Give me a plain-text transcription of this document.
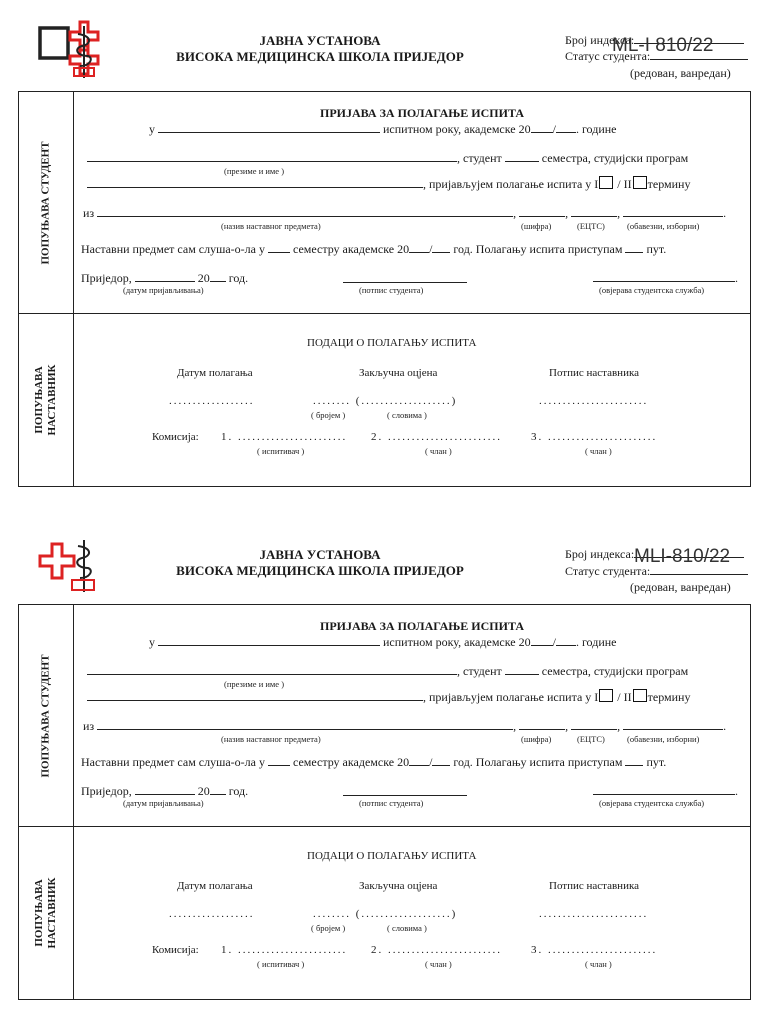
ЈАВНА УСТАНОВА
ВИСОКА МЕДИЦИНСКА ШКОЛА ПРИЈЕДОР
Број индекса:
ML-I 810/22
Статус студента:
(редован, ванредан)
ПОПУЊАВА СТУДЕНТ
ПРИЈАВА ЗА ПОЛАГАЊЕ ИСПИТА
у	испитном року, академске 20 / . године
, студент	семестра, студијски програм
(презиме и име )
, пријављујем полагање испита у I / II термину
из	,	,	,	.
(назив наставног предмета)	(шифра)	(ЕЦТС)	(обавезни, изборни)
Наставни предмет сам слуша-о-ла у семестру академске 20 / год. Полагању испита приступам пут.
Приједор,	20 год.	.
(датум пријављивања)	(потпис студента)	(овјерава студентска служба)
ПОПУЊАВА НАСТАВНИК
ПОДАЦИ О ПОЛАГАЊУ ИСПИТА
Датум полагања	Закључна оцјена	Потпис наставника
..................	........ (...................)	.......................
( бројем )	( словима )
Комисија: 1. ....................... 2. ........................	3. .......................
( испитивач )	( члан )	( члан )
ЈАВНА УСТАНОВА
ВИСОКА МЕДИЦИНСКА ШКОЛА ПРИЈЕДОР
Број индекса: MLI-810/22
Статус студента:
(редован, ванредан)
ПОПУЊАВА СТУДЕНТ
ПРИЈАВА ЗА ПОЛАГАЊЕ ИСПИТА
у	испитном року, академске 20 / . године
, студент	семестра, студијски програм
(презиме и име )
, пријављујем полагање испита у I / II термину
из	,	,	,	.
(назив наставног предмета)	(шифра)	(ЕЦТС)	(обавезни, изборни)
Наставни предмет сам слуша-о-ла у семестру академске 20 / год. Полагању испита приступам пут.
Приједор,	20 год.	.
(датум пријављивања)	(потпис студента)	(овјерава студентска служба)
ПОПУЊАВА НАСТАВНИК
ПОДАЦИ О ПОЛАГАЊУ ИСПИТА
Датум полагања	Закључна оцјена	Потпис наставника
..................	........ (...................)	.......................
( бројем )	( словима )
Комисија: 1. ....................... 2. ........................	3. .......................
( испитивач )	( члан )	( члан )
